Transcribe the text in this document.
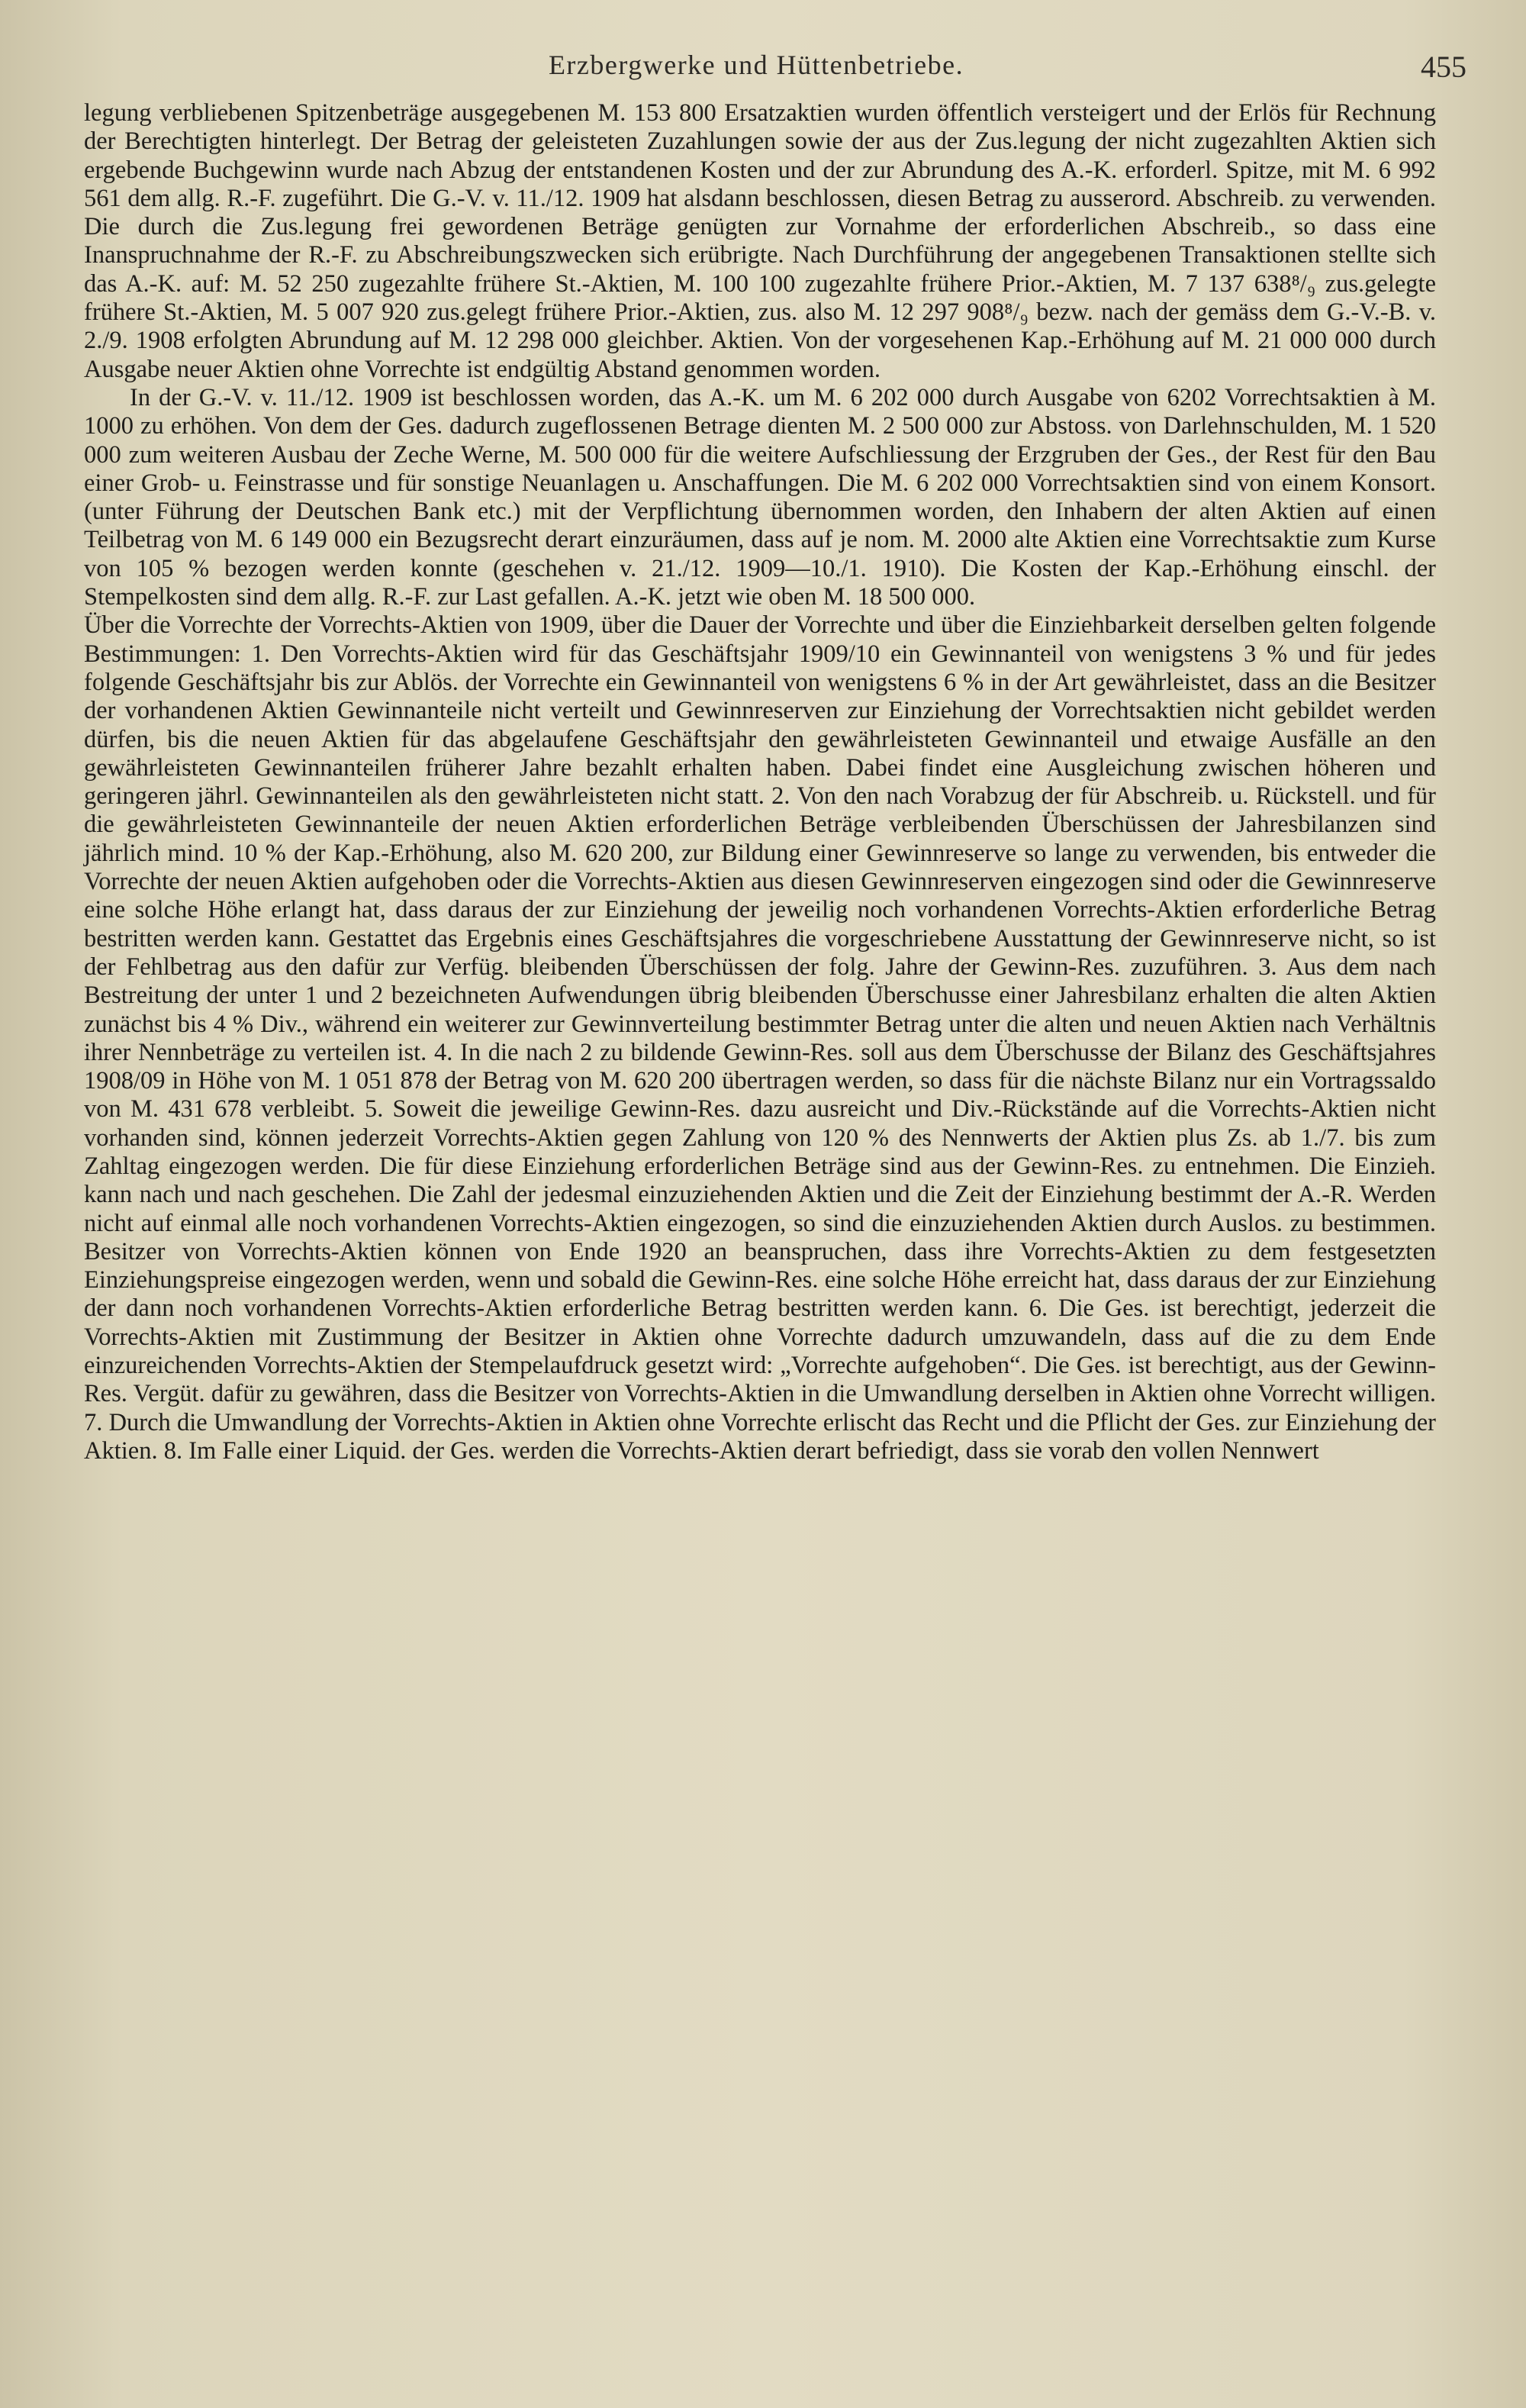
Erzbergwerke und Hüttenbetriebe.	455

legung verbliebenen Spitzenbeträge ausgegebenen M. 153 800 Ersatzaktien wurden öffentlich versteigert und der Erlös für Rechnung der Berechtigten hinterlegt. Der Betrag der geleisteten Zuzahlungen sowie der aus der Zus.legung der nicht zugezahlten Aktien sich ergebende Buchgewinn wurde nach Abzug der entstandenen Kosten und der zur Abrundung des A.-K. erforderl. Spitze, mit M. 6 992 561 dem allg. R.-F. zugeführt. Die G.-V. v. 11./12. 1909 hat alsdann beschlossen, diesen Betrag zu ausserord. Abschreib. zu verwenden. Die durch die Zus.legung frei gewordenen Beträge genügten zur Vornahme der erforderlichen Abschreib., so dass eine Inanspruchnahme der R.-F. zu Abschreibungszwecken sich erübrigte. Nach Durchführung der angegebenen Transaktionen stellte sich das A.-K. auf: M. 52 250 zugezahlte frühere St.-Aktien, M. 100 100 zugezahlte frühere Prior.-Aktien, M. 7 137 638⁸/₉ zus.gelegte frühere St.-Aktien, M. 5 007 920 zus.gelegt frühere Prior.-Aktien, zus. also M. 12 297 908⁸/₉ bezw. nach der gemäss dem G.-V.-B. v. 2./9. 1908 erfolgten Abrundung auf M. 12 298 000 gleichber. Aktien. Von der vorgesehenen Kap.-Erhöhung auf M. 21 000 000 durch Ausgabe neuer Aktien ohne Vorrechte ist endgültig Abstand genommen worden.

In der G.-V. v. 11./12. 1909 ist beschlossen worden, das A.-K. um M. 6 202 000 durch Ausgabe von 6202 Vorrechtsaktien à M. 1000 zu erhöhen. Von dem der Ges. dadurch zugeflossenen Betrage dienten M. 2 500 000 zur Abstoss. von Darlehnschulden, M. 1 520 000 zum weiteren Ausbau der Zeche Werne, M. 500 000 für die weitere Aufschliessung der Erzgruben der Ges., der Rest für den Bau einer Grob- u. Feinstrasse und für sonstige Neuanlagen u. Anschaffungen. Die M. 6 202 000 Vorrechtsaktien sind von einem Konsort. (unter Führung der Deutschen Bank etc.) mit der Verpflichtung übernommen worden, den Inhabern der alten Aktien auf einen Teilbetrag von M. 6 149 000 ein Bezugsrecht derart einzuräumen, dass auf je nom. M. 2000 alte Aktien eine Vorrechtsaktie zum Kurse von 105 % bezogen werden konnte (geschehen v. 21./12. 1909—10./1. 1910). Die Kosten der Kap.-Erhöhung einschl. der Stempelkosten sind dem allg. R.-F. zur Last gefallen. A.-K. jetzt wie oben M. 18 500 000.

Über die Vorrechte der Vorrechts-Aktien von 1909, über die Dauer der Vorrechte und über die Einziehbarkeit derselben gelten folgende Bestimmungen: 1. Den Vorrechts-Aktien wird für das Geschäftsjahr 1909/10 ein Gewinnanteil von wenigstens 3 % und für jedes folgende Geschäftsjahr bis zur Ablös. der Vorrechte ein Gewinnanteil von wenigstens 6 % in der Art gewährleistet, dass an die Besitzer der vorhandenen Aktien Gewinnanteile nicht verteilt und Gewinnreserven zur Einziehung der Vorrechtsaktien nicht gebildet werden dürfen, bis die neuen Aktien für das abgelaufene Geschäftsjahr den gewährleisteten Gewinnanteil und etwaige Ausfälle an den gewährleisteten Gewinnanteilen früherer Jahre bezahlt erhalten haben. Dabei findet eine Ausgleichung zwischen höheren und geringeren jährl. Gewinnanteilen als den gewährleisteten nicht statt. 2. Von den nach Vorabzug der für Abschreib. u. Rückstell. und für die gewährleisteten Gewinnanteile der neuen Aktien erforderlichen Beträge verbleibenden Überschüssen der Jahresbilanzen sind jährlich mind. 10 % der Kap.-Erhöhung, also M. 620 200, zur Bildung einer Gewinnreserve so lange zu verwenden, bis entweder die Vorrechte der neuen Aktien aufgehoben oder die Vorrechts-Aktien aus diesen Gewinnreserven eingezogen sind oder die Gewinnreserve eine solche Höhe erlangt hat, dass daraus der zur Einziehung der jeweilig noch vorhandenen Vorrechts-Aktien erforderliche Betrag bestritten werden kann. Gestattet das Ergebnis eines Geschäftsjahres die vorgeschriebene Ausstattung der Gewinnreserve nicht, so ist der Fehlbetrag aus den dafür zur Verfüg. bleibenden Überschüssen der folg. Jahre der Gewinn-Res. zuzuführen. 3. Aus dem nach Bestreitung der unter 1 und 2 bezeichneten Aufwendungen übrig bleibenden Überschusse einer Jahresbilanz erhalten die alten Aktien zunächst bis 4 % Div., während ein weiterer zur Gewinnverteilung bestimmter Betrag unter die alten und neuen Aktien nach Verhältnis ihrer Nennbeträge zu verteilen ist. 4. In die nach 2 zu bildende Gewinn-Res. soll aus dem Überschusse der Bilanz des Geschäftsjahres 1908/09 in Höhe von M. 1 051 878 der Betrag von M. 620 200 übertragen werden, so dass für die nächste Bilanz nur ein Vortragssaldo von M. 431 678 verbleibt. 5. Soweit die jeweilige Gewinn-Res. dazu ausreicht und Div.-Rückstände auf die Vorrechts-Aktien nicht vorhanden sind, können jederzeit Vorrechts-Aktien gegen Zahlung von 120 % des Nennwerts der Aktien plus Zs. ab 1./7. bis zum Zahltag eingezogen werden. Die für diese Einziehung erforderlichen Beträge sind aus der Gewinn-Res. zu entnehmen. Die Einzieh. kann nach und nach geschehen. Die Zahl der jedesmal einzuziehenden Aktien und die Zeit der Einziehung bestimmt der A.-R. Werden nicht auf einmal alle noch vorhandenen Vorrechts-Aktien eingezogen, so sind die einzuziehenden Aktien durch Auslos. zu bestimmen. Besitzer von Vorrechts-Aktien können von Ende 1920 an beanspruchen, dass ihre Vorrechts-Aktien zu dem festgesetzten Einziehungspreise eingezogen werden, wenn und sobald die Gewinn-Res. eine solche Höhe erreicht hat, dass daraus der zur Einziehung der dann noch vorhandenen Vorrechts-Aktien erforderliche Betrag bestritten werden kann. 6. Die Ges. ist berechtigt, jederzeit die Vorrechts-Aktien mit Zustimmung der Besitzer in Aktien ohne Vorrechte dadurch umzuwandeln, dass auf die zu dem Ende einzureichenden Vorrechts-Aktien der Stempelaufdruck gesetzt wird: „Vorrechte aufgehoben“. Die Ges. ist berechtigt, aus der Gewinn-Res. Vergüt. dafür zu gewähren, dass die Besitzer von Vorrechts-Aktien in die Umwandlung derselben in Aktien ohne Vorrecht willigen. 7. Durch die Umwandlung der Vorrechts-Aktien in Aktien ohne Vorrechte erlischt das Recht und die Pflicht der Ges. zur Einziehung der Aktien. 8. Im Falle einer Liquid. der Ges. werden die Vorrechts-Aktien derart befriedigt, dass sie vorab den vollen Nennwert
